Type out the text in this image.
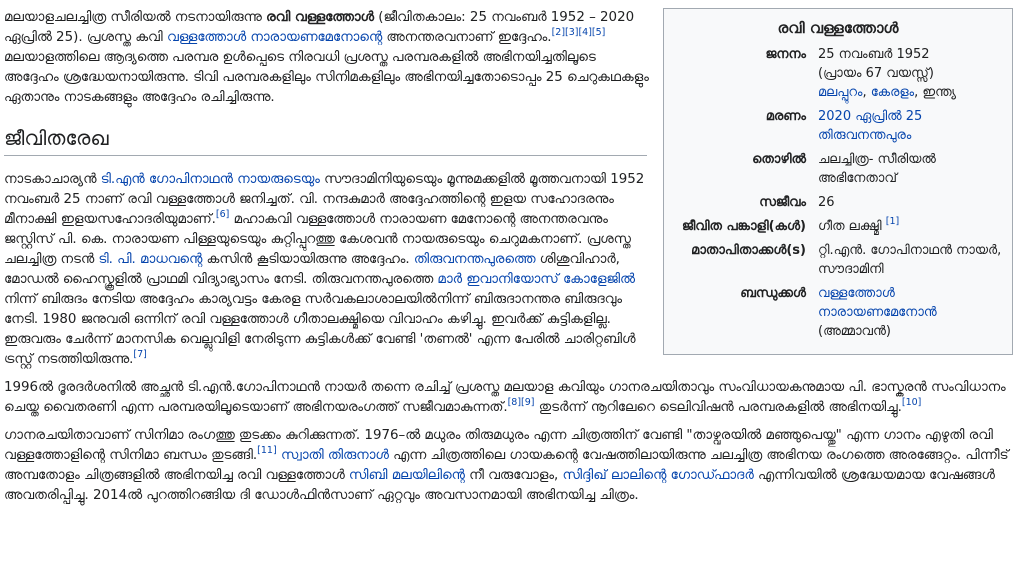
രവി വള്ളത്തോൾ
ജനനം 25 നവംബർ 1952
(പ്രായം 67 വയസ്സ്)
മലപ്പുറം, കേരളം, ഇന്ത്യ
മരണം 2020 ഏപ്രിൽ 25
തിരുവനന്തപുരം
തൊഴിൽ ചലച്ചിത്ര- സീരിയൽ അഭിനേതാവ്
സജീവം 26
ജീവിത പങ്കാളി(കൾ) ഗീത ലക്ഷ്മി [1]
മാതാപിതാക്കൾ(s) റ്റി.എൻ. ഗോപിനാഥൻ നായർ, സൗദാമിനി
ബന്ധുക്കൾ വള്ളത്തോൾ നാരായണമേനോൻ
(അമ്മാവൻ)

മലയാളചലച്ചിത്ര സീരിയൽ നടനായിരുന്നു രവി വള്ളത്തോൾ (ജീവിതകാലം: 25 നവംബർ 1952 – 2020 ഏപ്രിൽ 25). പ്രശസ്ത കവി വള്ളത്തോൾ നാരായണമേനോന്റെ അനന്തരവനാണ് ഇദ്ദേഹം.[2][3][4][5] മലയാളത്തിലെ ആദ്യത്തെ പരമ്പര ഉൾപ്പെടെ നിരവധി പ്രശസ്ത പരമ്പരകളിൽ അഭിനയിച്ചതിലൂടെ അദ്ദേഹം ശ്രദ്ധേയനായിരുന്നു. ടിവി പരമ്പരകളിലും സിനിമകളിലും അഭിനയിച്ചതോടൊപ്പം 25 ചെറുകഥകളും ഏതാനും നാടകങ്ങളും അദ്ദേഹം രചിച്ചിരുന്നു.

ജീവിതരേഖ

നാടകാചാര്യൻ ടി.എൻ ഗോപിനാഥൻ നായരുടെയും സൗദാമിനിയുടെയും മൂന്നുമക്കളിൽ മൂത്തവനായി 1952 നവംബർ 25 നാണ് രവി വള്ളത്തോൾ ജനിച്ചത്. വി. നന്ദകുമാർ അദ്ദേഹത്തിന്റെ ഇളയ സഹോദരനും മീനാക്ഷി ഇളയസഹോദരിയുമാണ്.[6] മഹാകവി വള്ളത്തോൾ നാരായണ മേനോന്റെ അനന്തരവനും ജസ്റ്റിസ് പി. കെ. നാരായണ പിള്ളയുടെയും കുറ്റിപ്പുറത്തു കേശവൻ നായരുടെയും ചെറുമകനാണ്. പ്രശസ്ത ചലച്ചിത്ര നടൻ ടി. പി. മാധവന്റെ കസിൻ കൂടിയായിരുന്നു അദ്ദേഹം. തിരുവനന്തപുരത്തെ ശിശുവിഹാർ, മോഡൽ ഹൈസ്കൂളിൽ പ്രാഥമി വിദ്യാഭ്യാസം നേടി. തിരുവനന്തപുരത്തെ മാർ ഇവാനിയോസ് കോളേജിൽ നിന്ന് ബിരുദം നേടിയ അദ്ദേഹം കാര്യവട്ടം കേരള സർവകലാശാലയിൽനിന്ന് ബിരുദാനന്തര ബിരുദവും നേടി. 1980 ജനുവരി ഒന്നിന് രവി വള്ളത്തോൾ ഗീതാലക്ഷ്മിയെ വിവാഹം കഴിച്ചു. ഇവർക്ക് കുട്ടികളില്ല. ഇരുവരും ചേർന്ന് മാനസിക വെല്ലുവിളി നേരിടുന്ന കുട്ടികൾക്ക് വേണ്ടി 'തണൽ' എന്ന പേരിൽ ചാരിറ്റബിൾ ട്രസ്റ്റ് നടത്തിയിരുന്നു.[7]

1996ൽ ദൂരദർശനിൽ അച്ഛൻ ടി.എൻ.ഗോപിനാഥൻ നായർ തന്നെ രചിച്ച് പ്രശസ്ത മലയാള കവിയും ഗാനരചയിതാവും സംവിധായകനുമായ പി. ഭാസ്കരൻ സംവിധാനം ചെയ്ത വൈതരണി എന്ന പരമ്പരയിലൂടെയാണ് അഭിനയരംഗത്ത് സജീവമാകുന്നത്.[8][9] തുടർന്ന് നൂറിലേറെ ടെലിവിഷൻ പരമ്പരകളിൽ അഭിനയിച്ചു.[10]

ഗാനരചയിതാവാണ് സിനിമാ രംഗത്തു തുടക്കം കുറിക്കുന്നത്. 1976–ൽ മധുരം തിരുമധുരം എന്ന ചിത്രത്തിന് വേണ്ടി "താഴ്വരയിൽ മഞ്ഞുപെയ്തു" എന്ന ഗാനം എഴുതി രവി വള്ളത്തോളിന്റെ സിനിമാ ബന്ധം തുടങ്ങി.[11] സ്വാതി തിരുനാൾ എന്ന ചിത്രത്തിലെ ഗായകന്റെ വേഷത്തിലായിരുന്നു ചലച്ചിത്ര അഭിനയ രംഗത്തെ അരങ്ങേറ്റം. പിന്നീട് അമ്പതോളം ചിത്രങ്ങളിൽ അഭിനയിച്ച രവി വള്ളത്തോൾ സിബി മലയിലിന്റെ നീ വരുവോളം, സിദ്ദിഖ് ലാലിന്റെ ഗോഡ്ഫാദർ എന്നിവയിൽ ശ്രദ്ധേയമായ വേഷങ്ങൾ അവതരിപ്പിച്ചു. 2014ൽ പുറത്തിറങ്ങിയ ദി ഡോൾഫിൻസാണ് ഏറ്റവും അവസാനമായി അഭിനയിച്ച ചിത്രം.
